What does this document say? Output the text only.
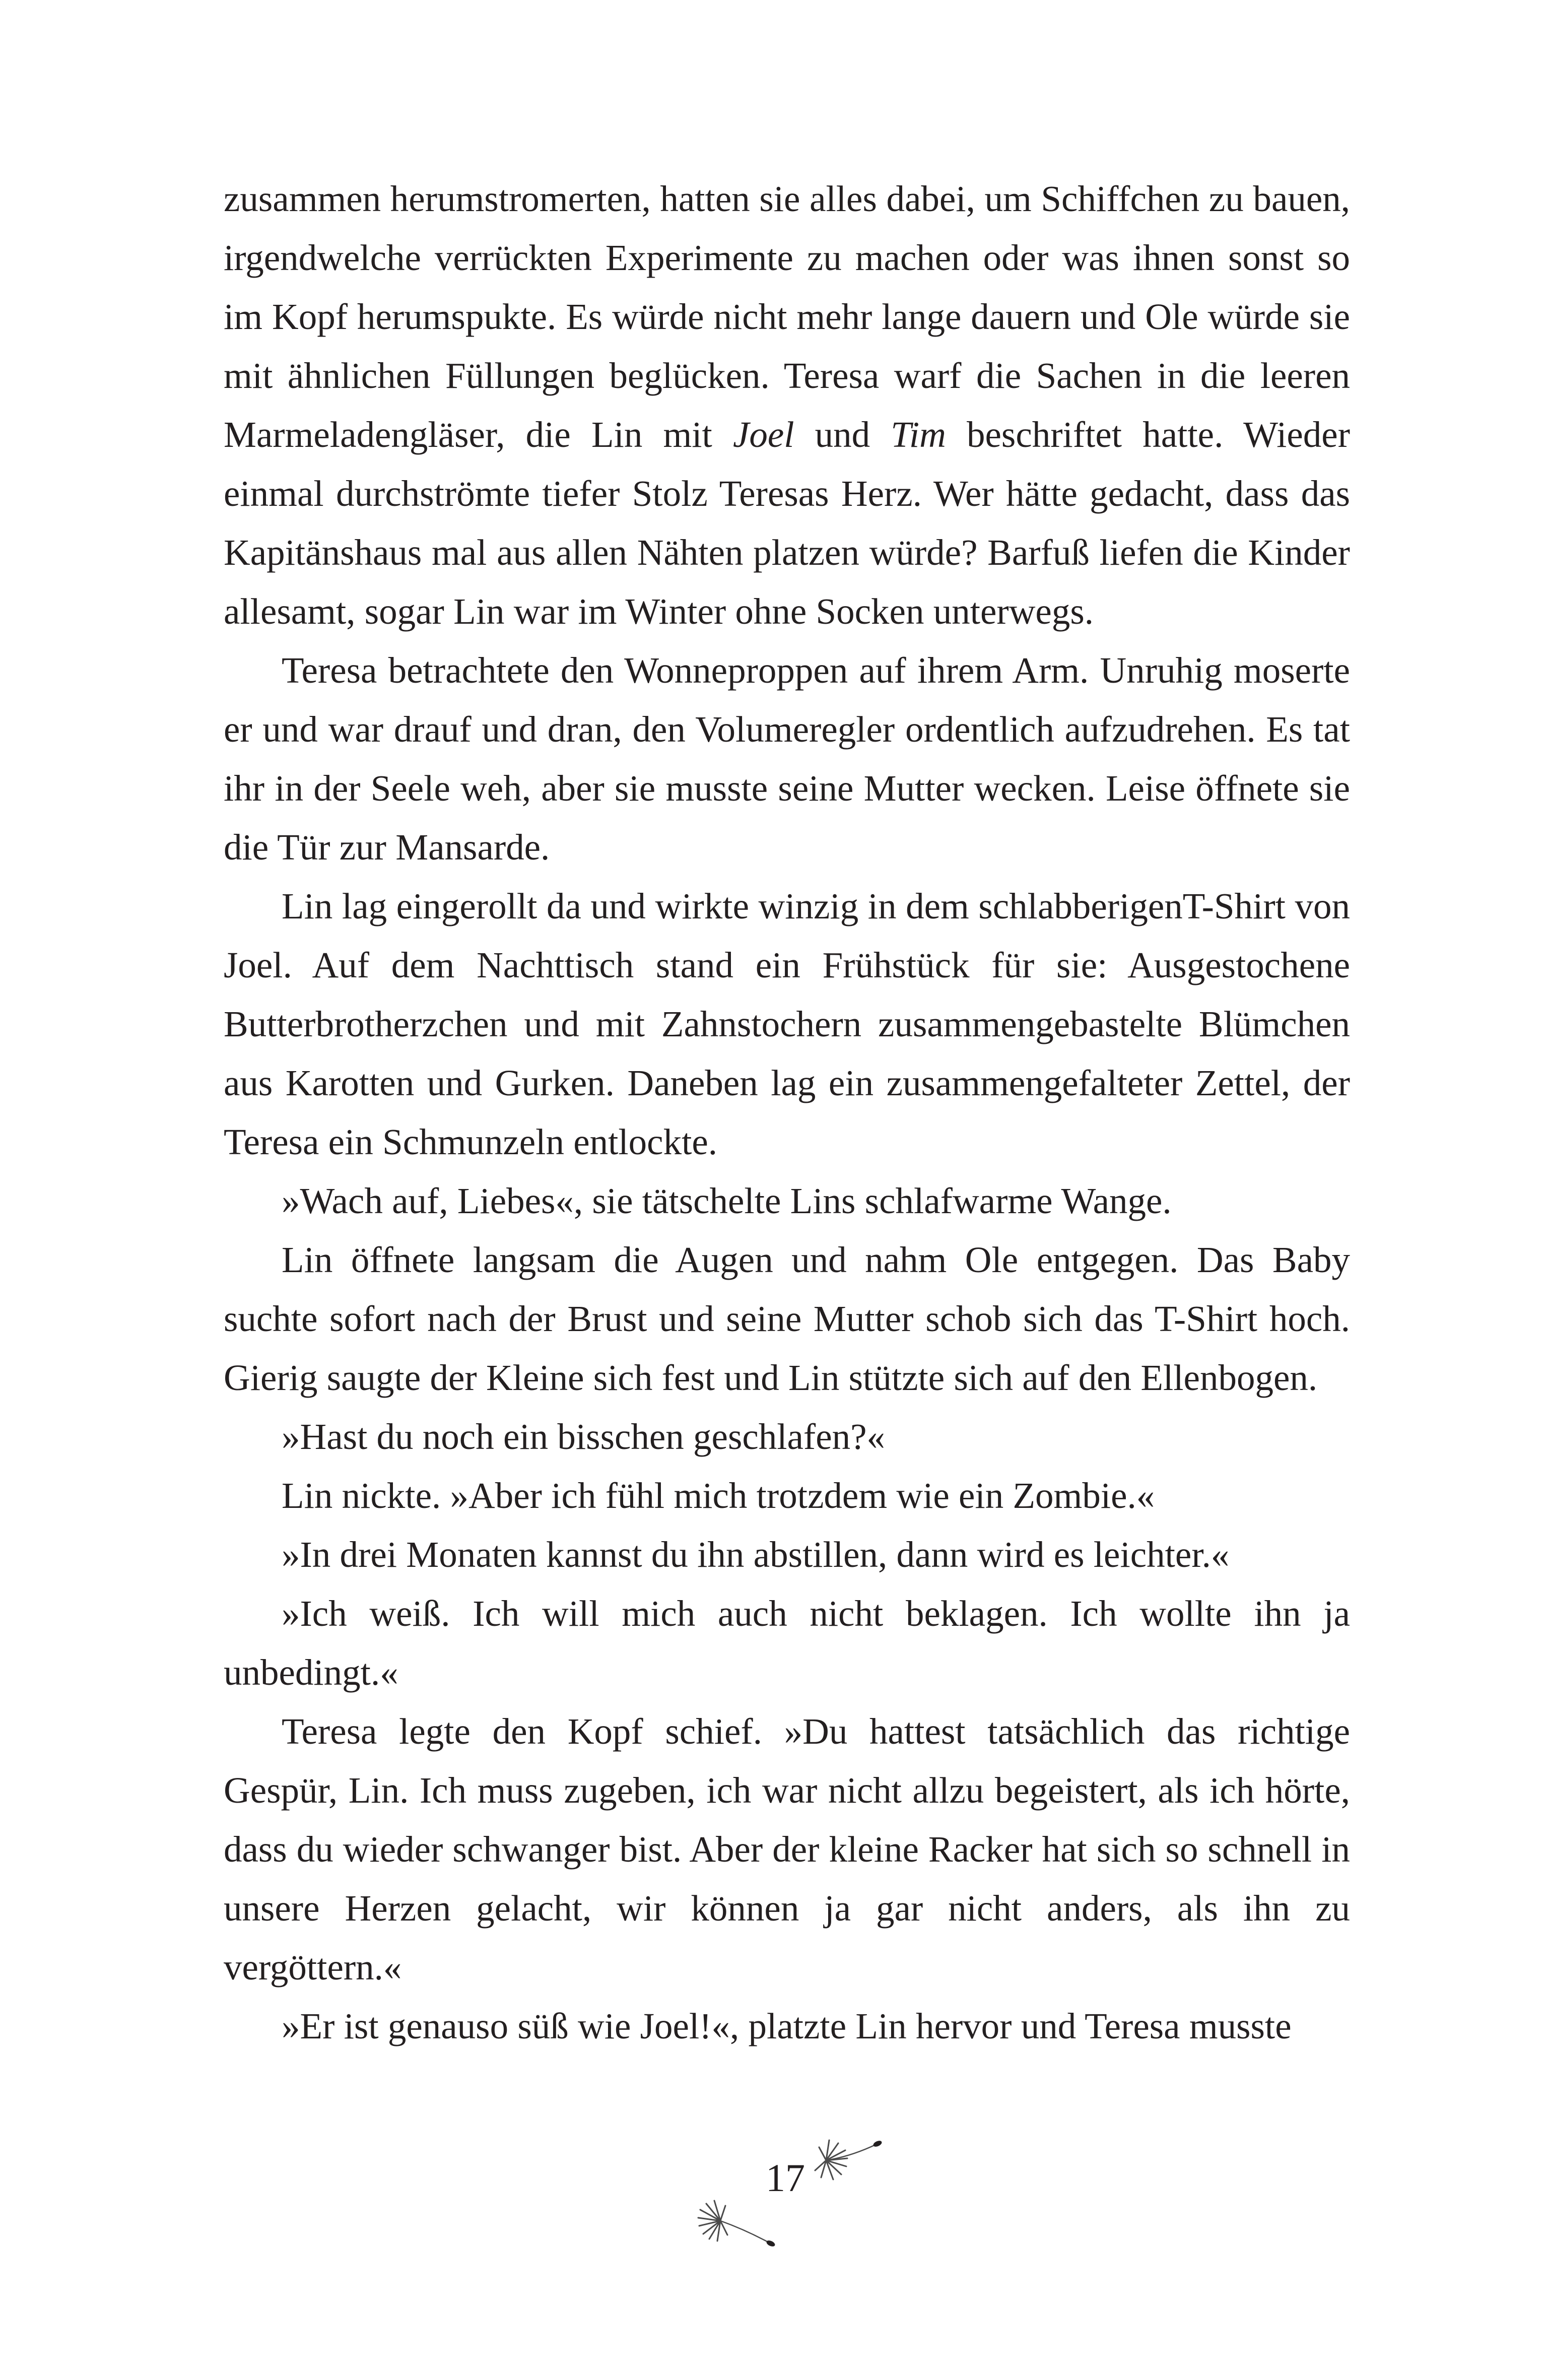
zusammen herumstromerten, hatten sie alles dabei, um Schiffchen zu bauen, irgendwelche verrückten Experimente zu machen oder was ihnen sonst so im Kopf herumspukte. Es würde nicht mehr lange dauern und Ole würde sie mit ähnlichen Füllungen beglücken. Teresa warf die Sachen in die leeren Marmeladengläser, die Lin mit Joel und Tim beschriftet hatte. Wieder einmal durchströmte tiefer Stolz Teresas Herz. Wer hätte gedacht, dass das Kapitänshaus mal aus allen Nähten platzen würde? Barfuß liefen die Kinder allesamt, sogar Lin war im Winter ohne Socken unterwegs.

Teresa betrachtete den Wonneproppen auf ihrem Arm. Unruhig moserte er und war drauf und dran, den Volumeregler ordentlich aufzudrehen. Es tat ihr in der Seele weh, aber sie musste seine Mutter wecken. Leise öffnete sie die Tür zur Mansarde.

Lin lag eingerollt da und wirkte winzig in dem schlabberigenT-Shirt von Joel. Auf dem Nachttisch stand ein Frühstück für sie: Ausgestochene Butterbrotherzchen und mit Zahnstochern zusammengebastelte Blümchen aus Karotten und Gurken. Daneben lag ein zusammengefalteter Zettel, der Teresa ein Schmunzeln entlockte.

»Wach auf, Liebes«, sie tätschelte Lins schlafwarme Wange.

Lin öffnete langsam die Augen und nahm Ole entgegen. Das Baby suchte sofort nach der Brust und seine Mutter schob sich das T-Shirt hoch. Gierig saugte der Kleine sich fest und Lin stützte sich auf den Ellenbogen.

»Hast du noch ein bisschen geschlafen?«

Lin nickte. »Aber ich fühl mich trotzdem wie ein Zombie.«

»In drei Monaten kannst du ihn abstillen, dann wird es leichter.«

»Ich weiß. Ich will mich auch nicht beklagen. Ich wollte ihn ja unbedingt.«

Teresa legte den Kopf schief. »Du hattest tatsächlich das richtige Gespür, Lin. Ich muss zugeben, ich war nicht allzu begeistert, als ich hörte, dass du wieder schwanger bist. Aber der kleine Racker hat sich so schnell in unsere Herzen gelacht, wir können ja gar nicht anders, als ihn zu vergöttern.«

»Er ist genauso süß wie Joel!«, platzte Lin hervor und Teresa musste

17
